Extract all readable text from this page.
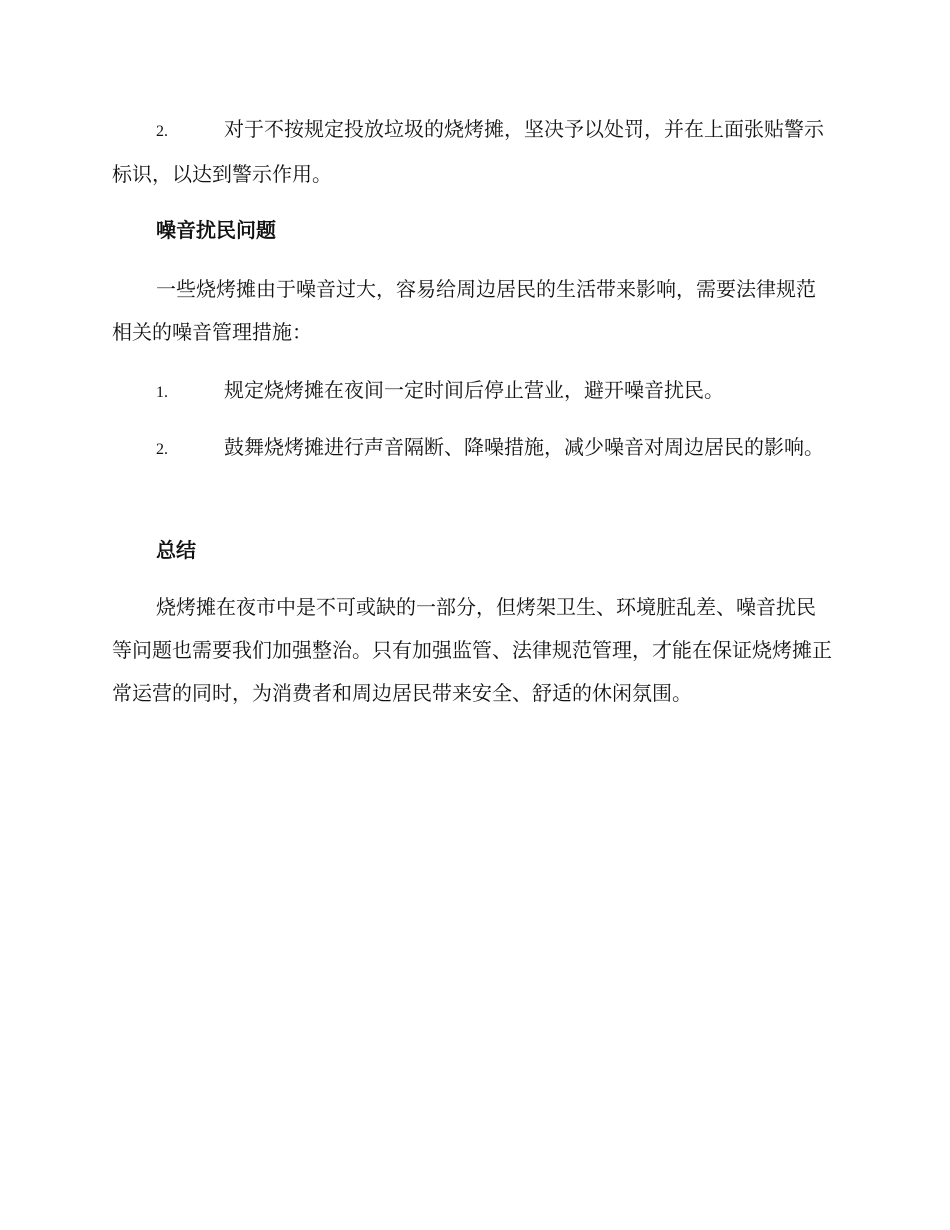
2.	对于不按规定投放垃圾的烧烤摊，坚决予以处罚，并在上面张贴警示标识，以达到警示作用。

噪音扰民问题

一些烧烤摊由于噪音过大，容易给周边居民的生活带来影响，需要法律规范相关的噪音管理措施：

1.	规定烧烤摊在夜间一定时间后停止营业，避开噪音扰民。

2.	鼓舞烧烤摊进行声音隔断、降噪措施，减少噪音对周边居民的影响。

总结

烧烤摊在夜市中是不可或缺的一部分，但烤架卫生、环境脏乱差、噪音扰民等问题也需要我们加强整治。只有加强监管、法律规范管理，才能在保证烧烤摊正常运营的同时，为消费者和周边居民带来安全、舒适的休闲氛围。
